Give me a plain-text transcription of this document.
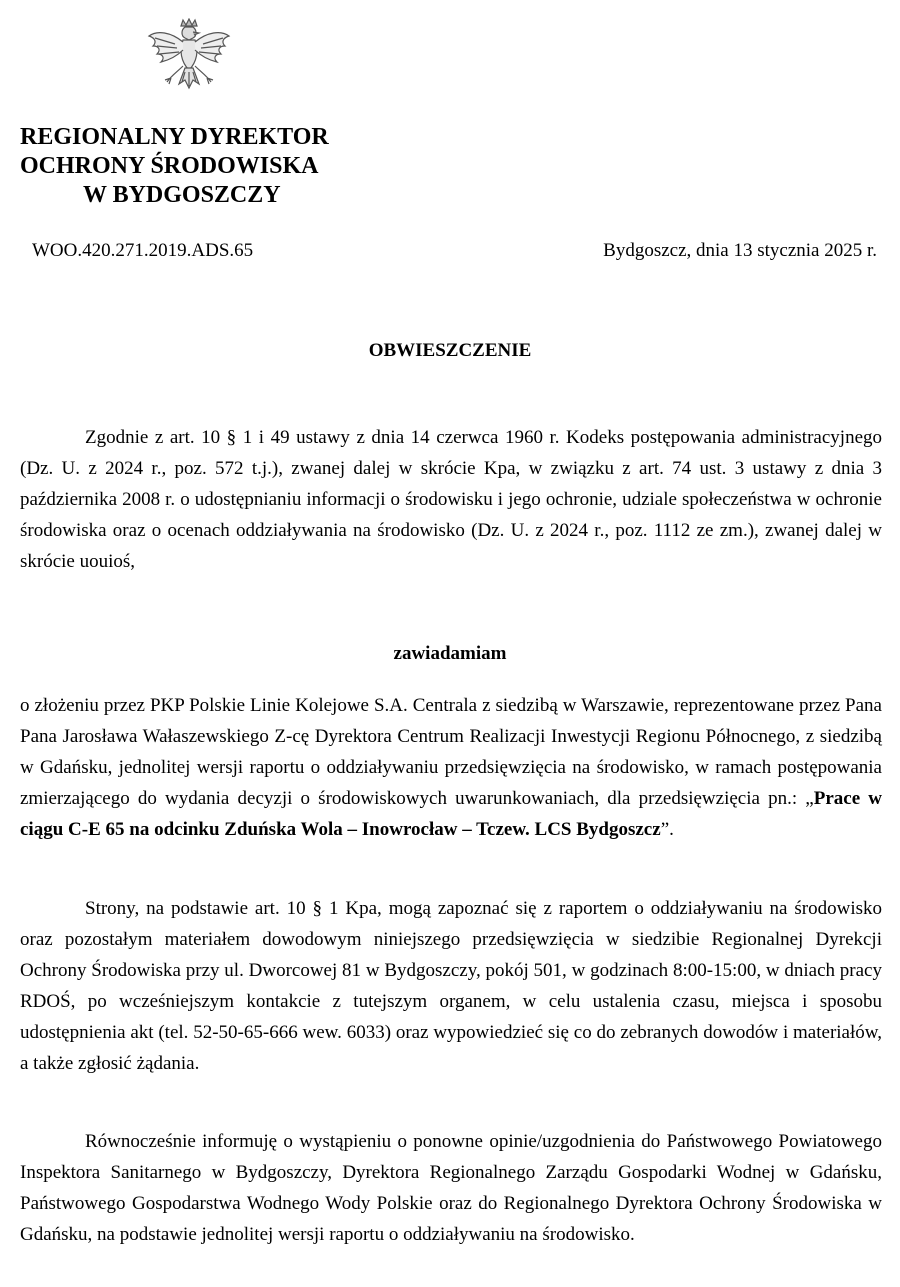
REGIONALNY DYREKTOR
OCHRONY ŚRODOWISKA
W BYDGOSZCZY
WOO.420.271.2019.ADS.65	Bydgoszcz, dnia 13 stycznia 2025 r.
OBWIESZCZENIE
Zgodnie z art. 10 § 1 i 49 ustawy z dnia 14 czerwca 1960 r. Kodeks postępowania administracyjnego (Dz. U. z 2024 r., poz. 572 t.j.), zwanej dalej w skrócie Kpa, w związku z art. 74 ust. 3 ustawy z dnia 3 października 2008 r. o udostępnianiu informacji o środowisku i jego ochronie, udziale społeczeństwa w ochronie środowiska oraz o ocenach oddziaływania na środowisko (Dz. U. z 2024 r., poz. 1112 ze zm.), zwanej dalej w skrócie uouioś,
zawiadamiam
o złożeniu przez PKP Polskie Linie Kolejowe S.A. Centrala z siedzibą w Warszawie, reprezentowane przez Pana Pana Jarosława Wałaszewskiego Z-cę Dyrektora Centrum Realizacji Inwestycji Regionu Północnego, z siedzibą w Gdańsku, jednolitej wersji raportu o oddziaływaniu przedsięwzięcia na środowisko, w ramach postępowania zmierzającego do wydania decyzji o środowiskowych uwarunkowaniach, dla przedsięwzięcia pn.: „Prace w ciągu C-E 65 na odcinku Zduńska Wola – Inowrocław – Tczew. LCS Bydgoszcz”.
Strony, na podstawie art. 10 § 1 Kpa, mogą zapoznać się z raportem o oddziaływaniu na środowisko oraz pozostałym materiałem dowodowym niniejszego przedsięwzięcia w siedzibie Regionalnej Dyrekcji Ochrony Środowiska przy ul. Dworcowej 81 w Bydgoszczy, pokój 501, w godzinach 8:00-15:00, w dniach pracy RDOŚ, po wcześniejszym kontakcie z tutejszym organem, w celu ustalenia czasu, miejsca i sposobu udostępnienia akt (tel. 52-50-65-666 wew. 6033) oraz wypowiedzieć się co do zebranych dowodów i materiałów, a także zgłosić żądania.
Równocześnie informuję o wystąpieniu o ponowne opinie/uzgodnienia do Państwowego Powiatowego Inspektora Sanitarnego w Bydgoszczy, Dyrektora Regionalnego Zarządu Gospodarki Wodnej w Gdańsku, Państwowego Gospodarstwa Wodnego Wody Polskie oraz do Regionalnego Dyrektora Ochrony Środowiska w Gdańsku, na podstawie jednolitej wersji raportu o oddziaływaniu na środowisko.
